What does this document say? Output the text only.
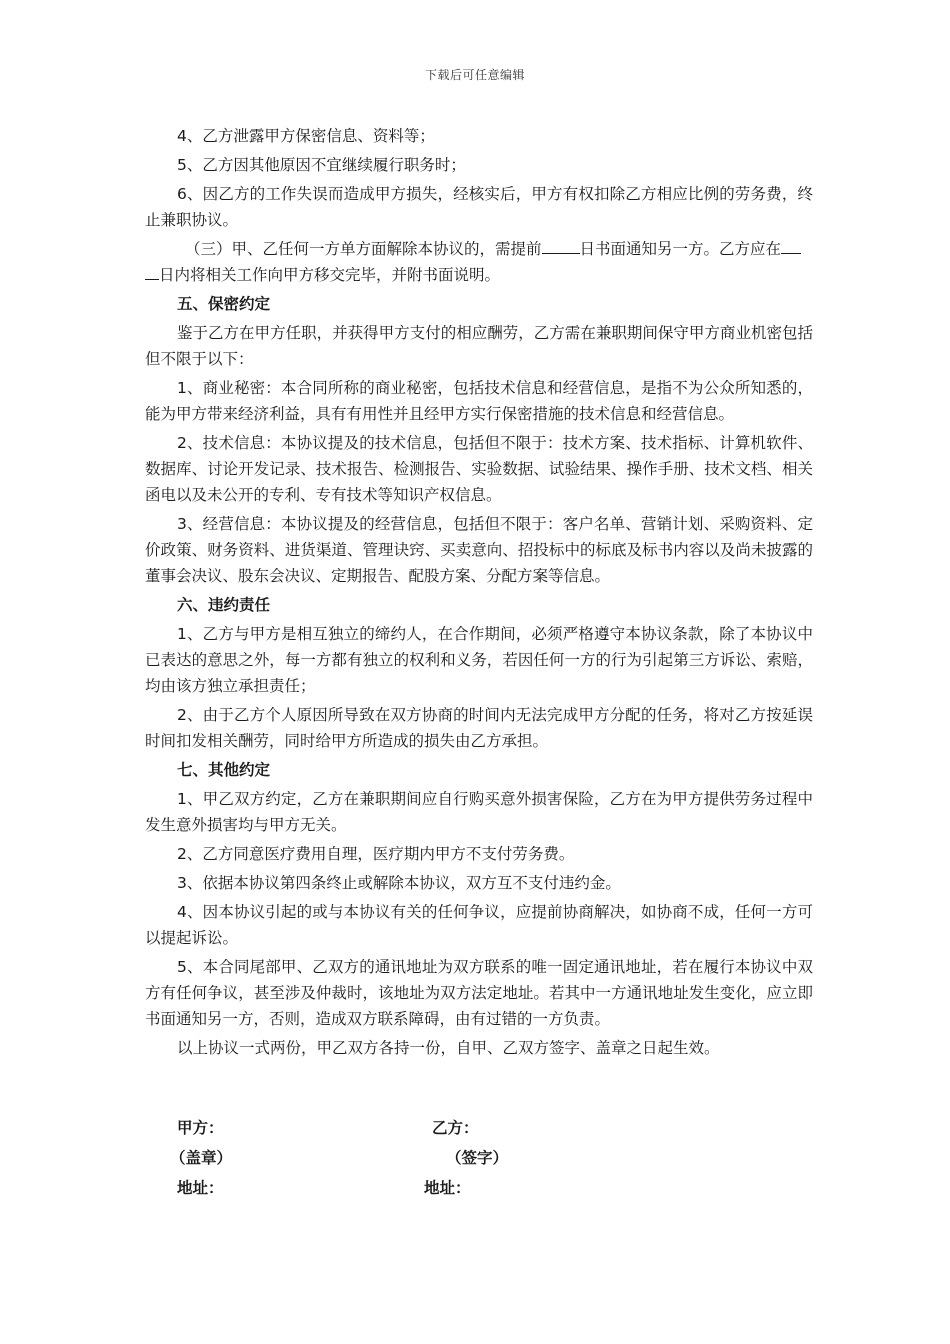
下载后可任意编辑

4、乙方泄露甲方保密信息、资料等；

5、乙方因其他原因不宜继续履行职务时；

6、因乙方的工作失误而造成甲方损失，经核实后，甲方有权扣除乙方相应比例的劳务费，终止兼职协议。

（三）甲、乙任何一方单方面解除本协议的，需提前 日书面通知另一方。乙方应在
日内将相关工作向甲方移交完毕，并附书面说明。

五、保密约定

鉴于乙方在甲方任职，并获得甲方支付的相应酬劳，乙方需在兼职期间保守甲方商业机密包括但不限于以下：

1、商业秘密：本合同所称的商业秘密，包括技术信息和经营信息，是指不为公众所知悉的，能为甲方带来经济利益，具有有用性并且经甲方实行保密措施的技术信息和经营信息。

2、技术信息：本协议提及的技术信息，包括但不限于：技术方案、技术指标、计算机软件、数据库、讨论开发记录、技术报告、检测报告、实验数据、试验结果、操作手册、技术文档、相关函电以及未公开的专利、专有技术等知识产权信息。

3、经营信息：本协议提及的经营信息，包括但不限于：客户名单、营销计划、采购资料、定价政策、财务资料、进货渠道、管理诀窍、买卖意向、招投标中的标底及标书内容以及尚未披露的董事会决议、股东会决议、定期报告、配股方案、分配方案等信息。

六、违约责任

1、乙方与甲方是相互独立的缔约人，在合作期间，必须严格遵守本协议条款，除了本协议中已表达的意思之外，每一方都有独立的权利和义务，若因任何一方的行为引起第三方诉讼、索赔，均由该方独立承担责任；

2、由于乙方个人原因所导致在双方协商的时间内无法完成甲方分配的任务，将对乙方按延误时间扣发相关酬劳，同时给甲方所造成的损失由乙方承担。

七、其他约定

1、甲乙双方约定，乙方在兼职期间应自行购买意外损害保险，乙方在为甲方提供劳务过程中发生意外损害均与甲方无关。

2、乙方同意医疗费用自理，医疗期内甲方不支付劳务费。

3、依据本协议第四条终止或解除本协议，双方互不支付违约金。

4、因本协议引起的或与本协议有关的任何争议，应提前协商解决，如协商不成，任何一方可以提起诉讼。

5、本合同尾部甲、乙双方的通讯地址为双方联系的唯一固定通讯地址，若在履行本协议中双方有任何争议，甚至涉及仲裁时，该地址为双方法定地址。若其中一方通讯地址发生变化，应立即书面通知另一方，否则，造成双方联系障碍，由有过错的一方负责。

以上协议一式两份，甲乙双方各持一份，自甲、乙双方签字、盖章之日起生效。

甲方：	乙方：
（盖章）	（签字）
地址：	地址：
